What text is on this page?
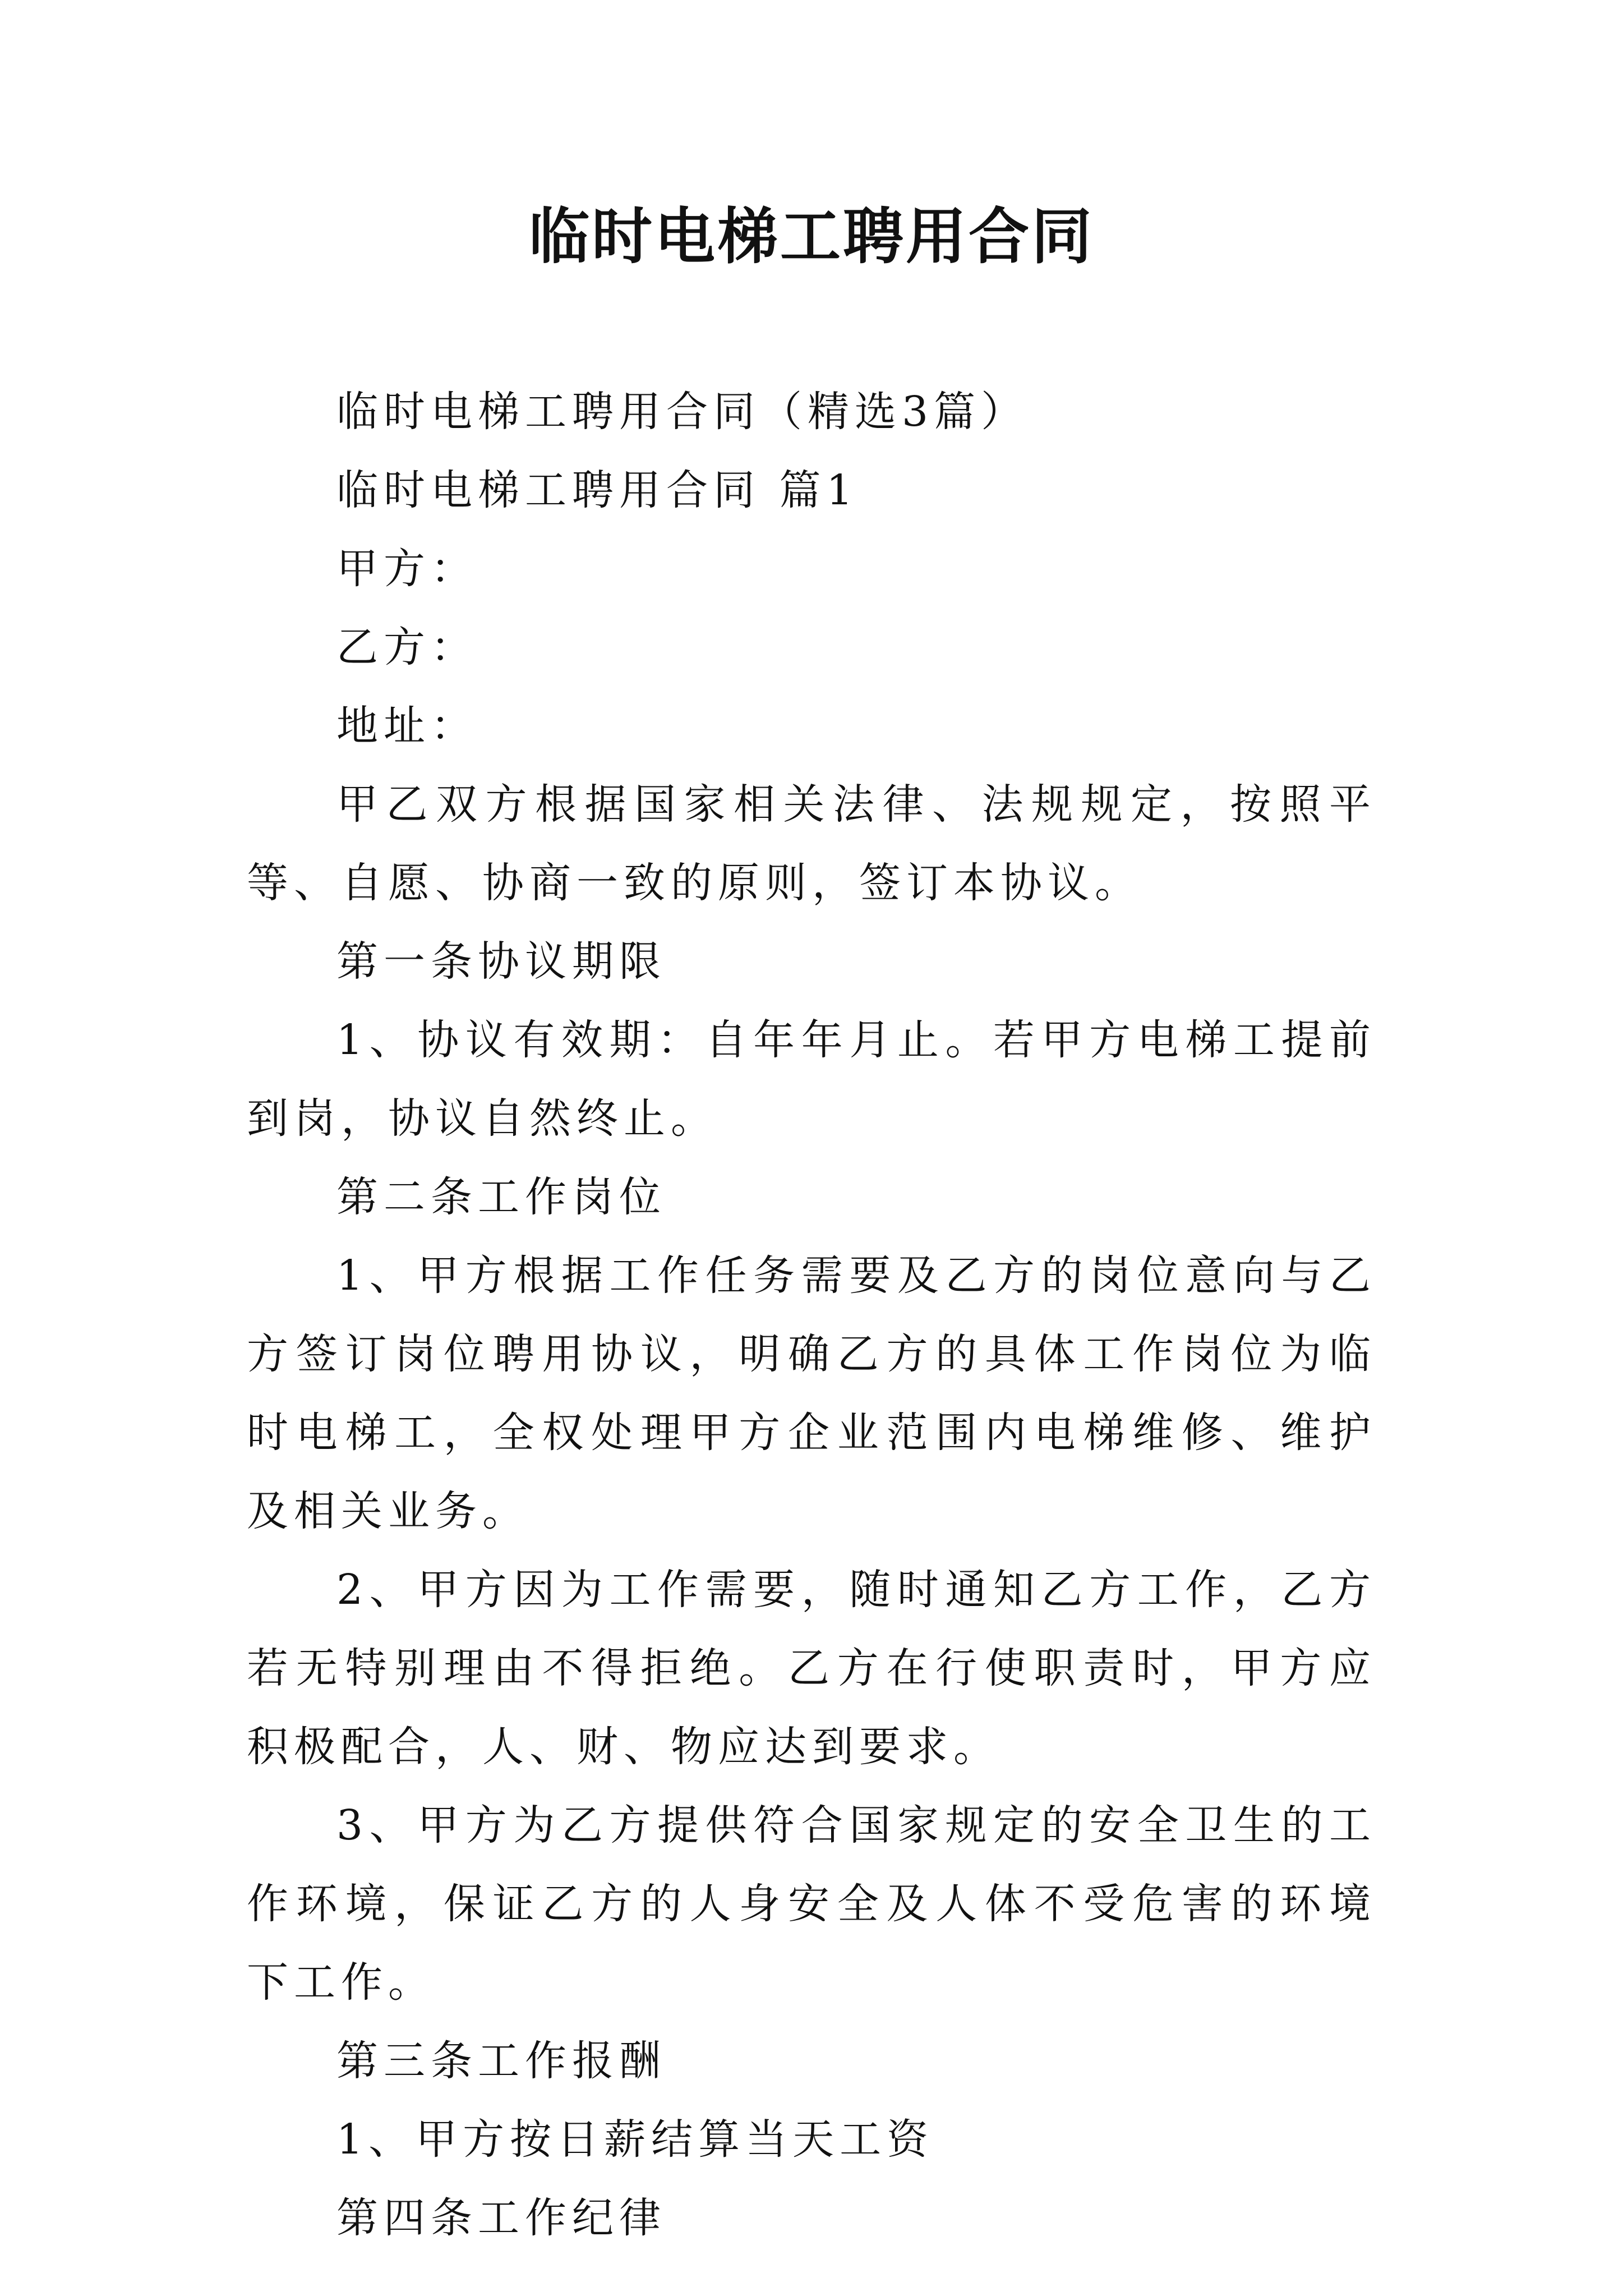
临时电梯工聘用合同

临时电梯工聘用合同（精选3篇）

临时电梯工聘用合同 篇1

甲方：

乙方：

地址：

甲乙双方根据国家相关法律、法规规定，按照平等、自愿、协商一致的原则，签订本协议。

第一条协议期限

1、协议有效期：自年年月止。若甲方电梯工提前到岗，协议自然终止。

第二条工作岗位

1、甲方根据工作任务需要及乙方的岗位意向与乙方签订岗位聘用协议，明确乙方的具体工作岗位为临时电梯工，全权处理甲方企业范围内电梯维修、维护及相关业务。

2、甲方因为工作需要，随时通知乙方工作，乙方若无特别理由不得拒绝。乙方在行使职责时，甲方应积极配合，人、财、物应达到要求。

3、甲方为乙方提供符合国家规定的安全卫生的工作环境，保证乙方的人身安全及人体不受危害的环境下工作。

第三条工作报酬

1、甲方按日薪结算当天工资

第四条工作纪律
